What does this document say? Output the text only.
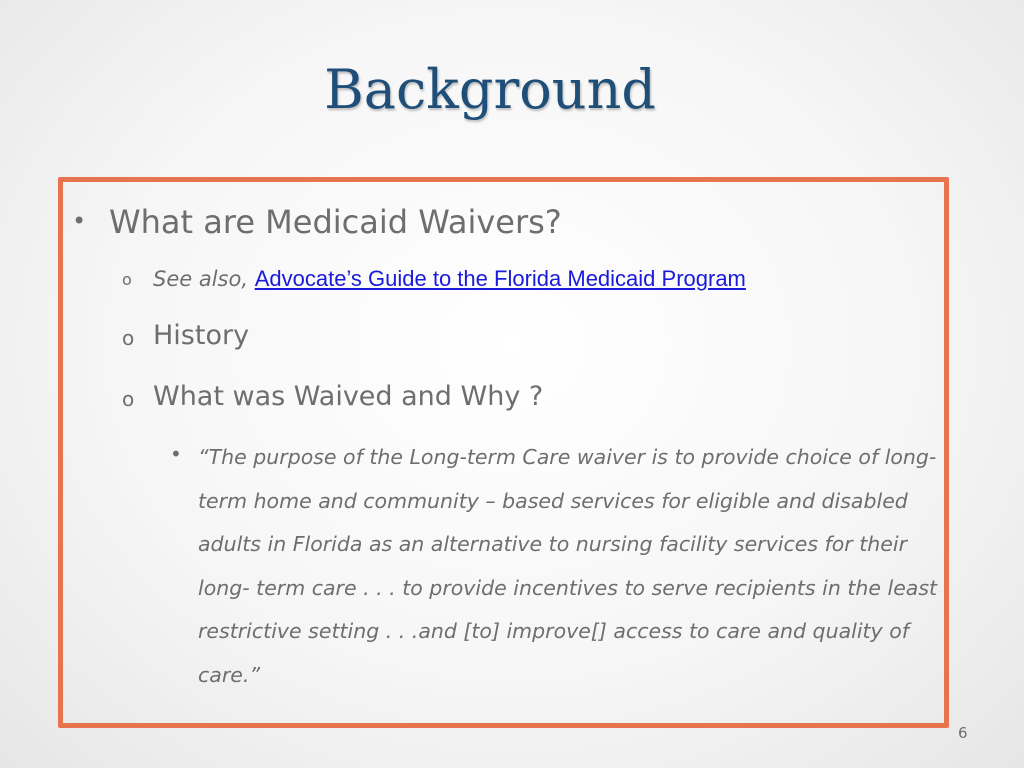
Background
• What are Medicaid Waivers?
o See also, Advocate’s Guide to the Florida Medicaid Program
o History
o What was Waived and Why ?
• “The purpose of the Long-term Care waiver is to provide choice of long-term home and community – based services for eligible and disabled adults in Florida as an alternative to nursing facility services for their long- term care . . . to provide incentives to serve recipients in the least restrictive setting . . .and [to] improve[] access to care and quality of care.”
6
